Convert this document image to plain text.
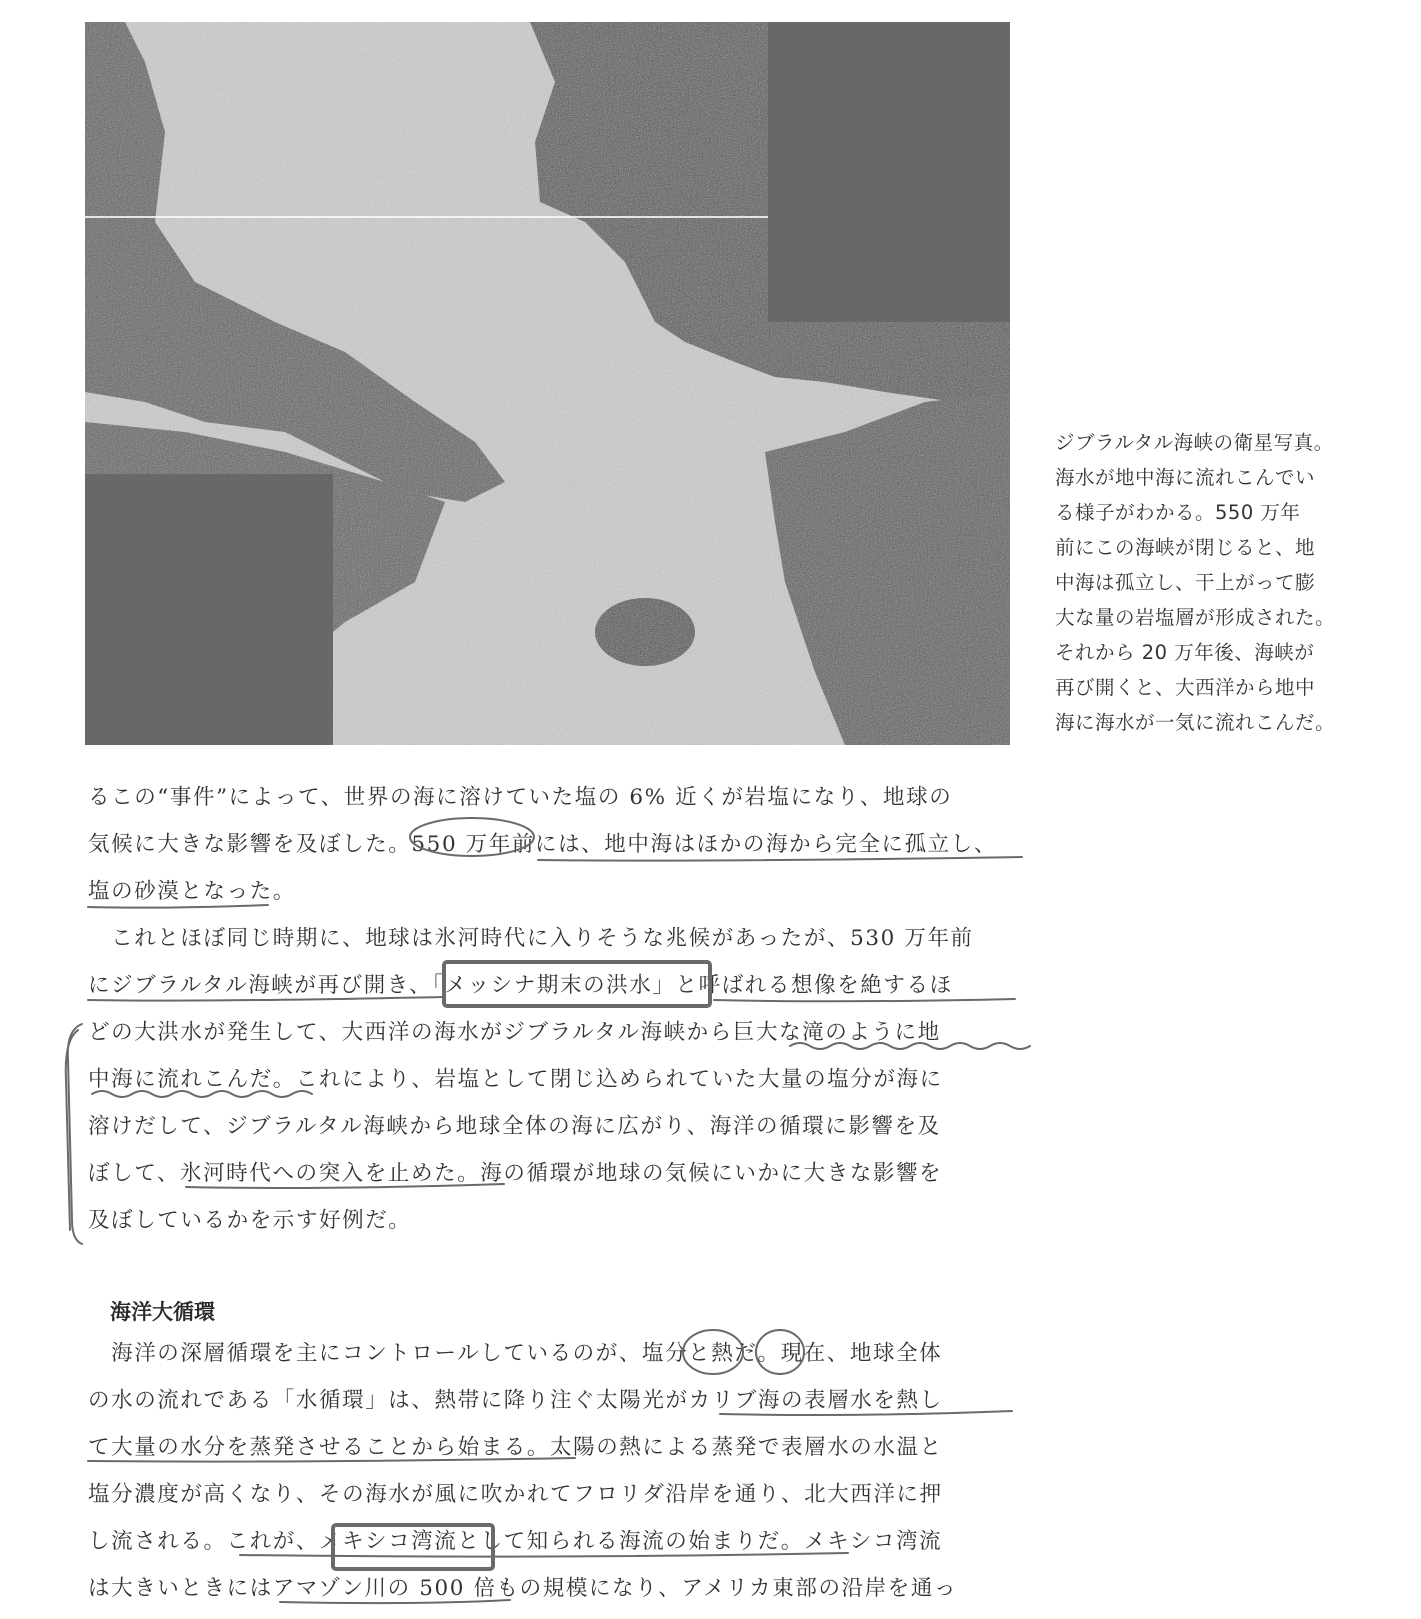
ジブラルタル海峡の衛星写真。
海水が地中海に流れこんでい
る様子がわかる。550 万年
前にこの海峡が閉じると、地
中海は孤立し、干上がって膨
大な量の岩塩層が形成された。
それから 20 万年後、海峡が
再び開くと、大西洋から地中
海に海水が一気に流れこんだ。
るこの“事件”によって、世界の海に溶けていた塩の 6% 近くが岩塩になり、地球の
気候に大きな影響を及ぼした。550 万年前には、地中海はほかの海から完全に孤立し、
塩の砂漠となった。
　これとほぼ同じ時期に、地球は氷河時代に入りそうな兆候があったが、530 万年前
にジブラルタル海峡が再び開き、「メッシナ期末の洪水」と呼ばれる想像を絶するほ
どの大洪水が発生して、大西洋の海水がジブラルタル海峡から巨大な滝のように地
中海に流れこんだ。これにより、岩塩として閉じ込められていた大量の塩分が海に
溶けだして、ジブラルタル海峡から地球全体の海に広がり、海洋の循環に影響を及
ぼして、氷河時代への突入を止めた。海の循環が地球の気候にいかに大きな影響を
及ぼしているかを示す好例だ。
海洋大循環
　海洋の深層循環を主にコントロールしているのが、塩分と熱だ。現在、地球全体
の水の流れである「水循環」は、熱帯に降り注ぐ太陽光がカリブ海の表層水を熱し
て大量の水分を蒸発させることから始まる。太陽の熱による蒸発で表層水の水温と
塩分濃度が高くなり、その海水が風に吹かれてフロリダ沿岸を通り、北大西洋に押
し流される。これが、メキシコ湾流として知られる海流の始まりだ。メキシコ湾流
は大きいときにはアマゾン川の 500 倍もの規模になり、アメリカ東部の沿岸を通っ
